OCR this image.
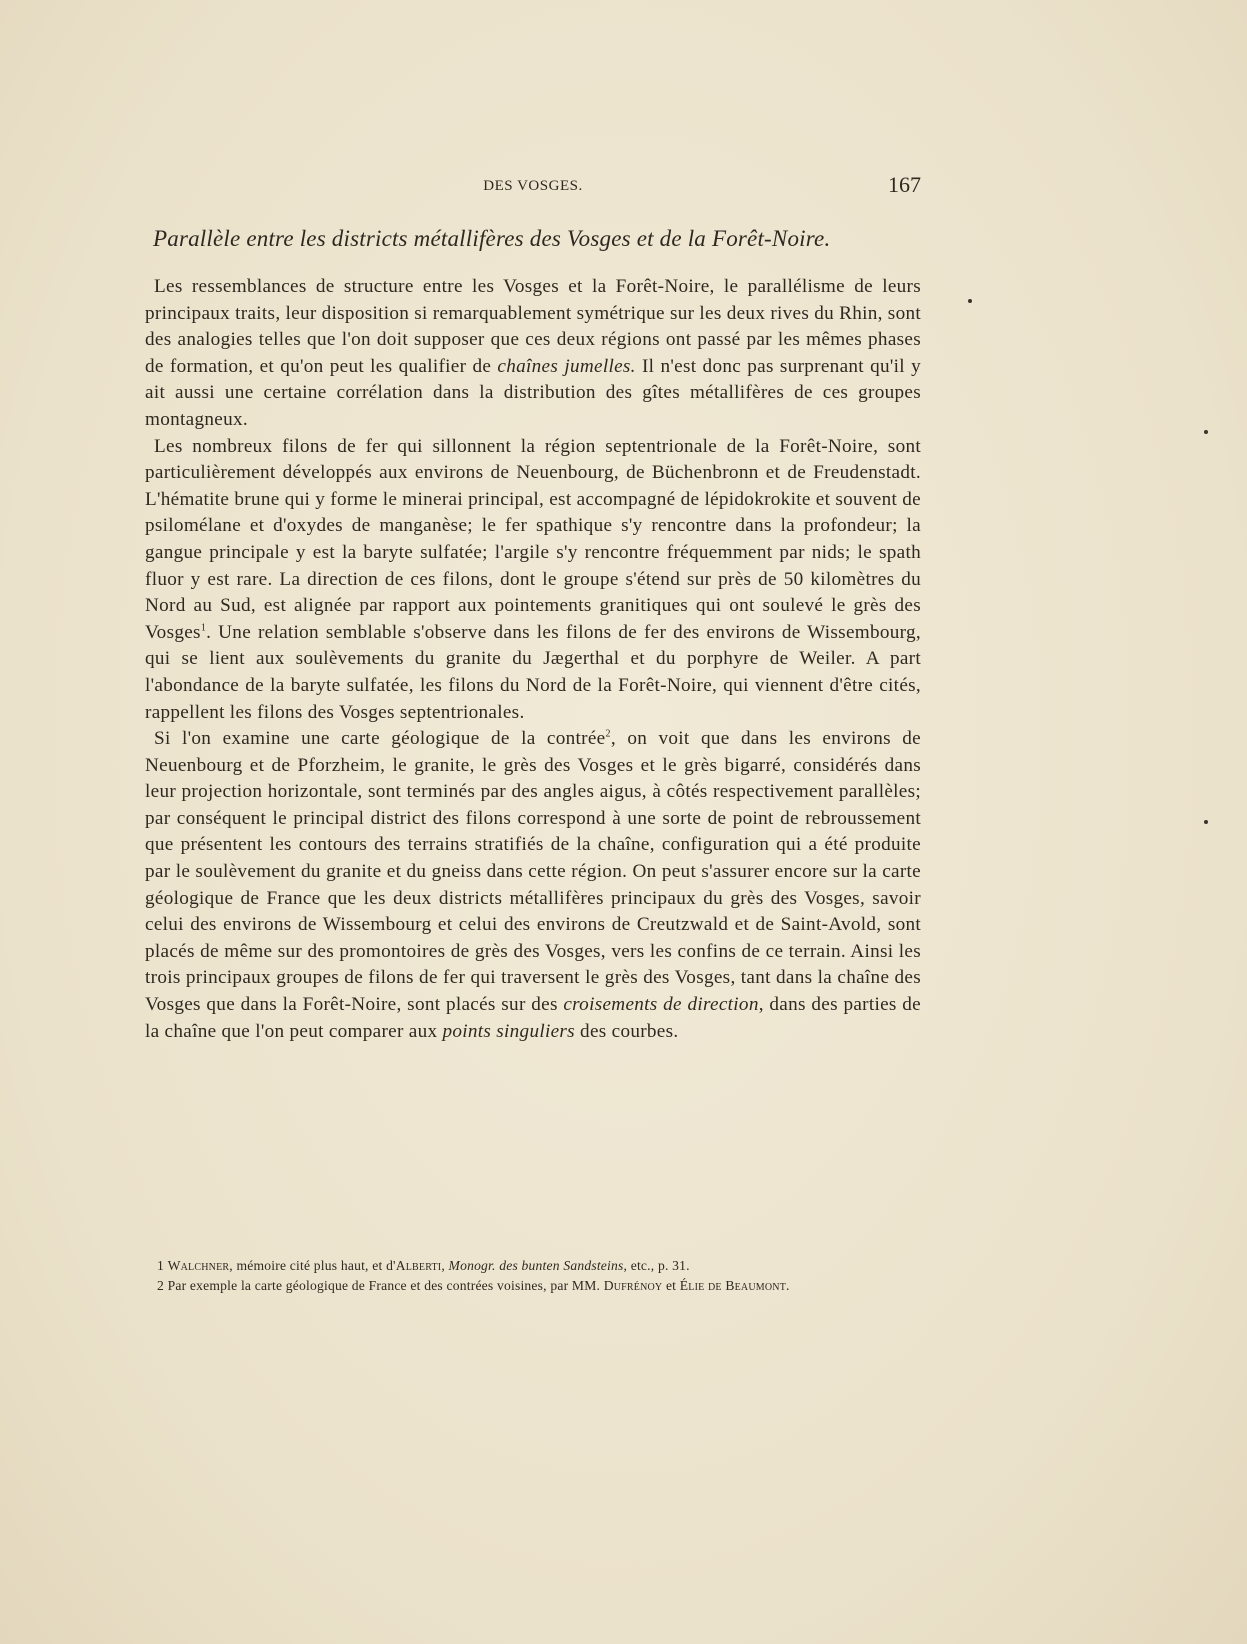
DES VOSGES.	167
Parallèle entre les districts métallifères des Vosges et de la Forêt-Noire.

Les ressemblances de structure entre les Vosges et la Forêt-Noire, le parallélisme de leurs principaux traits, leur disposition si remarquablement symétrique sur les deux rives du Rhin, sont des analogies telles que l'on doit supposer que ces deux régions ont passé par les mêmes phases de formation, et qu'on peut les qualifier de chaînes jumelles. Il n'est donc pas surprenant qu'il y ait aussi une certaine corrélation dans la distribution des gîtes métallifères de ces groupes montagneux.

Les nombreux filons de fer qui sillonnent la région septentrionale de la Forêt-Noire, sont particulièrement développés aux environs de Neuenbourg, de Büchenbronn et de Freudenstadt. L'hématite brune qui y forme le minerai principal, est accompagné de lépidokrokite et souvent de psilomélane et d'oxydes de manganèse; le fer spathique s'y rencontre dans la profondeur; la gangue principale y est la baryte sulfatée; l'argile s'y rencontre fréquemment par nids; le spath fluor y est rare. La direction de ces filons, dont le groupe s'étend sur près de 50 kilomètres du Nord au Sud, est alignée par rapport aux pointements granitiques qui ont soulevé le grès des Vosges$^1$. Une relation semblable s'observe dans les filons de fer des environs de Wissembourg, qui se lient aux soulèvements du granite du Jægerthal et du porphyre de Weiler. A part l'abondance de la baryte sulfatée, les filons du Nord de la Forêt-Noire, qui viennent d'être cités, rappellent les filons des Vosges septentrionales.

Si l'on examine une carte géologique de la contrée$^2$, on voit que dans les environs de Neuenbourg et de Pforzheim, le granite, le grès des Vosges et le grès bigarré, considérés dans leur projection horizontale, sont terminés par des angles aigus, à côtés respectivement parallèles; par conséquent le principal district des filons correspond à une sorte de point de rebroussement que présentent les contours des terrains stratifiés de la chaîne, configuration qui a été produite par le soulèvement du granite et du gneiss dans cette région. On peut s'assurer encore sur la carte géologique de France que les deux districts métallifères principaux du grès des Vosges, savoir celui des environs de Wissembourg et celui des environs de Creutzwald et de Saint-Avold, sont placés de même sur des promontoires de grès des Vosges, vers les confins de ce terrain. Ainsi les trois principaux groupes de filons de fer qui traversent le grès des Vosges, tant dans la chaîne des Vosges que dans la Forêt-Noire, sont placés sur des croisements de direction, dans des parties de la chaîne que l'on peut comparer aux points singuliers des courbes.

1 Walchner, mémoire cité plus haut, et d'Alberti, Monogr. des bunten Sandsteins, etc., p. 31.

2 Par exemple la carte géologique de France et des contrées voisines, par MM. Dufrénoy et Élie de Beaumont.
